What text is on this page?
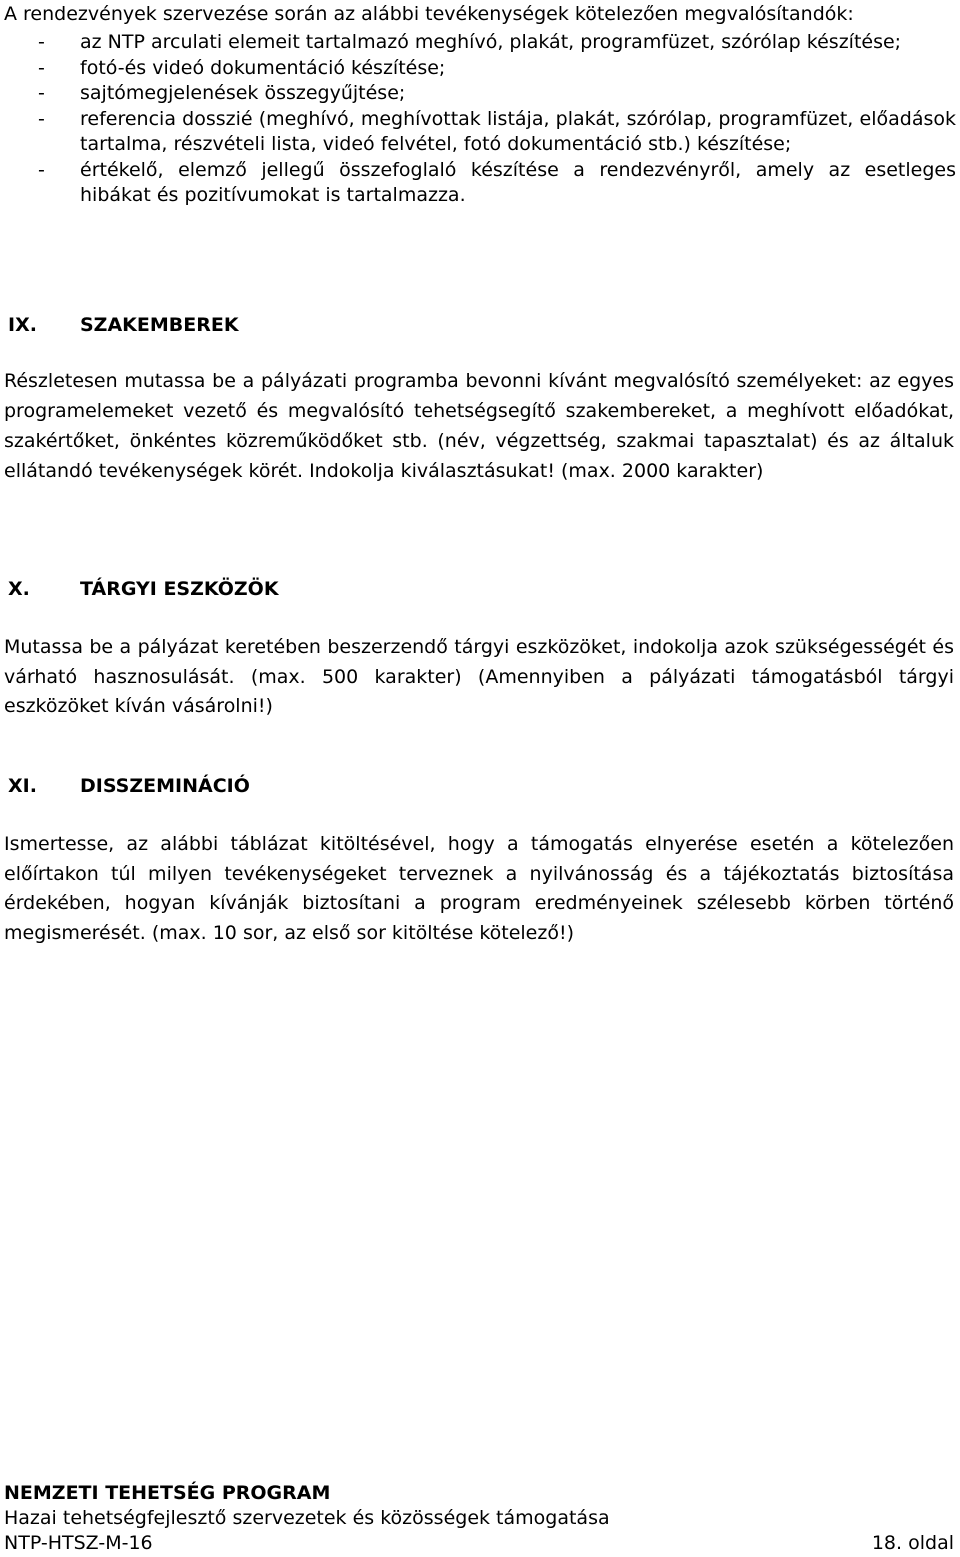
A rendezvények szervezése során az alábbi tevékenységek kötelezően megvalósítandók:
- az NTP arculati elemeit tartalmazó meghívó, plakát, programfüzet, szórólap készítése;
- fotó-és videó dokumentáció készítése;
- sajtómegjelenések összegyűjtése;
- referencia dosszié (meghívó, meghívottak listája, plakát, szórólap, programfüzet, előadások tartalma, részvételi lista, videó felvétel, fotó dokumentáció stb.) készítése;
- értékelő, elemző jellegű összefoglaló készítése a rendezvényről, amely az esetleges hibákat és pozitívumokat is tartalmazza.
IX. SZAKEMBEREK
Részletesen mutassa be a pályázati programba bevonni kívánt megvalósító személyeket: az egyes programelemeket vezető és megvalósító tehetségsegítő szakembereket, a meghívott előadókat, szakértőket, önkéntes közreműködőket stb. (név, végzettség, szakmai tapasztalat) és az általuk ellátandó tevékenységek körét. Indokolja kiválasztásukat! (max. 2000 karakter)
X.	TÁRGYI ESZKÖZÖK
Mutassa be a pályázat keretében beszerzendő tárgyi eszközöket, indokolja azok szükségességét és várható hasznosulását. (max. 500 karakter) (Amennyiben a pályázati támogatásból tárgyi eszközöket kíván vásárolni!)
XI. DISSZEMINÁCIÓ
Ismertesse, az alábbi táblázat kitöltésével, hogy a támogatás elnyerése esetén a kötelezően előírtakon túl milyen tevékenységeket terveznek a nyilvánosság és a tájékoztatás biztosítása érdekében, hogyan kívánják biztosítani a program eredményeinek szélesebb körben történő megismerését. (max. 10 sor, az első sor kitöltése kötelező!)
NEMZETI TEHETSÉG PROGRAM
Hazai tehetségfejlesztő szervezetek és közösségek támogatása
NTP-HTSZ-M-16	18. oldal
